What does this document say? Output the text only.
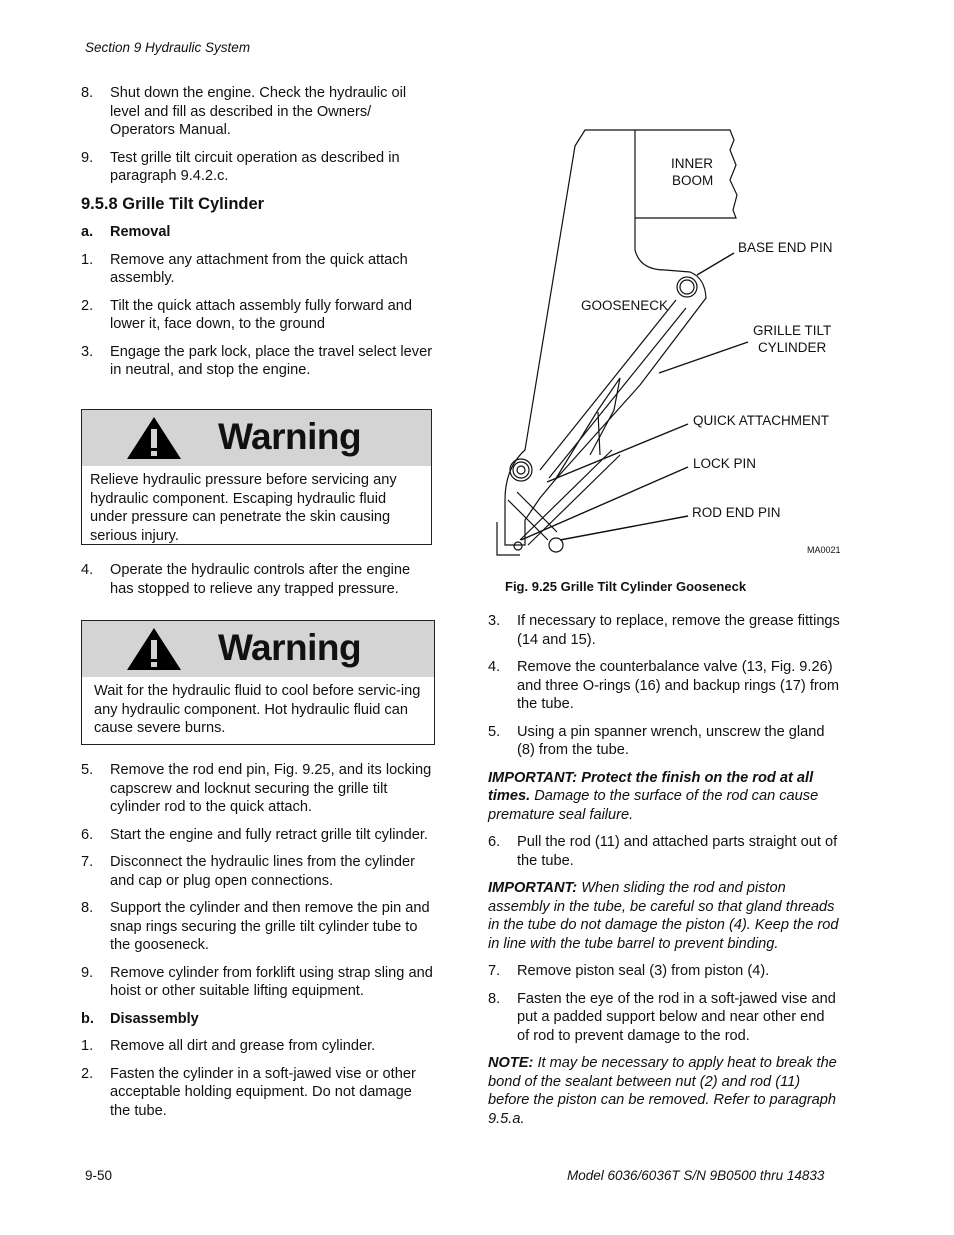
Section 9 Hydraulic System
8. Shut down the engine. Check the hydraulic oil level and fill as described in the Owners/ Operators Manual.
9. Test grille tilt circuit operation as described in paragraph 9.4.2.c.
9.5.8 Grille Tilt Cylinder
a. Removal
1. Remove any attachment from the quick attach assembly.
2. Tilt the quick attach assembly fully forward and lower it, face down, to the ground
3. Engage the park lock, place the travel select lever in neutral, and stop the engine.
Warning
Relieve hydraulic pressure before servicing any hydraulic component. Escaping hydraulic fluid under pressure can penetrate the skin causing serious injury.
4. Operate the hydraulic controls after the engine has stopped to relieve any trapped pressure.
Warning
Wait for the hydraulic fluid to cool before servic-ing any hydraulic component. Hot hydraulic fluid can cause severe burns.
5. Remove the rod end pin, Fig. 9.25, and its locking capscrew and locknut securing the grille tilt cylinder rod to the quick attach.
6. Start the engine and fully retract grille tilt cylinder.
7. Disconnect the hydraulic lines from the cylinder and cap or plug open connections.
8. Support the cylinder and then remove the pin and snap rings securing the grille tilt cylinder tube to the gooseneck.
9. Remove cylinder from forklift using strap sling and hoist or other suitable lifting equipment.
b. Disassembly
1. Remove all dirt and grease from cylinder.
2. Fasten the cylinder in a soft-jawed vise or other acceptable holding equipment. Do not damage the tube.
INNER
BOOM
BASE END PIN
GOOSENECK
GRILLE TILT
CYLINDER
QUICK ATTACHMENT
LOCK PIN
ROD END PIN
MA0021
Fig. 9.25 Grille Tilt Cylinder Gooseneck
3. If necessary to replace, remove the grease fittings (14 and 15).
4. Remove the counterbalance valve (13, Fig. 9.26) and three O-rings (16) and backup rings (17) from the tube.
5. Using a pin spanner wrench, unscrew the gland (8) from the tube.
IMPORTANT: Protect the finish on the rod at all times. Damage to the surface of the rod can cause premature seal failure.
6. Pull the rod (11) and attached parts straight out of the tube.
IMPORTANT: When sliding the rod and piston assembly in the tube, be careful so that gland threads in the tube do not damage the piston (4). Keep the rod in line with the tube barrel to prevent binding.
7. Remove piston seal (3) from piston (4).
8. Fasten the eye of the rod in a soft-jawed vise and put a padded support below and near other end of rod to prevent damage to the rod.
NOTE: It may be necessary to apply heat to break the bond of the sealant between nut (2) and rod (11) before the piston can be removed. Refer to paragraph 9.5.a.
9-50	Model 6036/6036T S/N 9B0500 thru 14833
